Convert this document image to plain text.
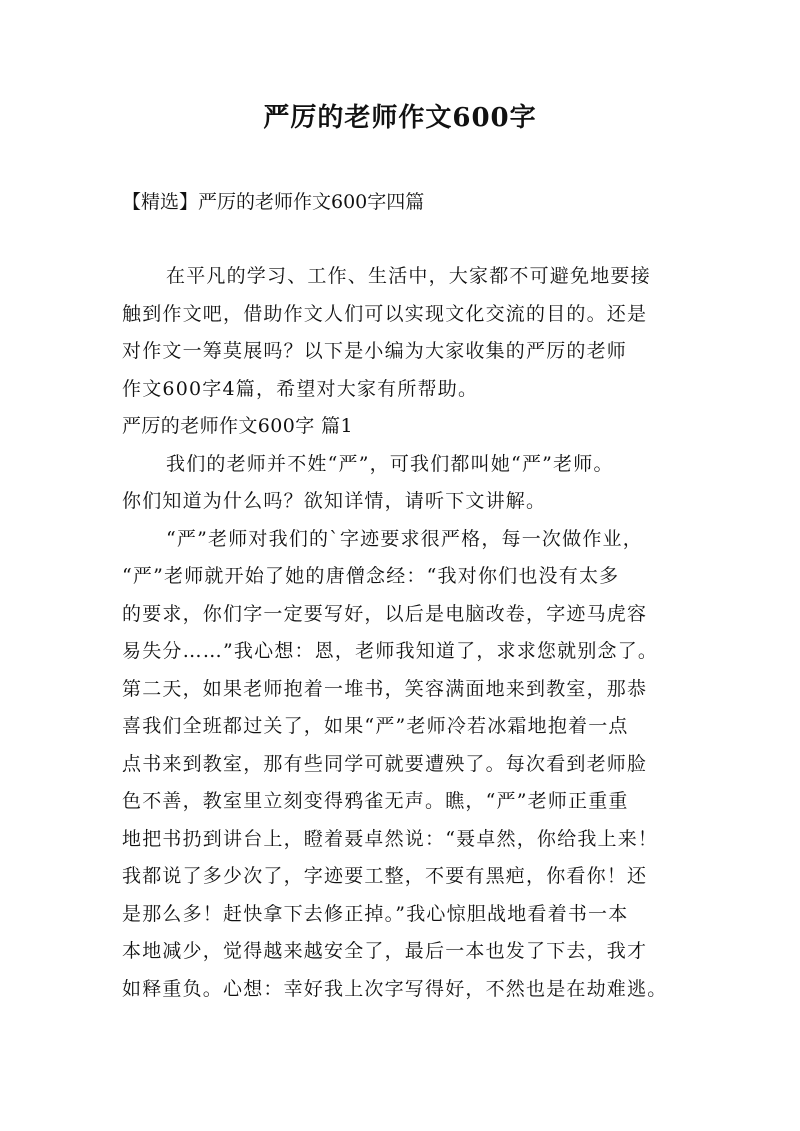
严厉的老师作文600字
【精选】严厉的老师作文600字四篇
在平凡的学习、工作、生活中，大家都不可避免地要接
触到作文吧，借助作文人们可以实现文化交流的目的。还是
对作文一筹莫展吗？以下是小编为大家收集的严厉的老师
作文600字4篇，希望对大家有所帮助。
严厉的老师作文600字 篇1
我们的老师并不姓“严”，可我们都叫她“严”老师。
你们知道为什么吗？欲知详情，请听下文讲解。
“严”老师对我们的`字迹要求很严格，每一次做作业，
“严”老师就开始了她的唐僧念经：“我对你们也没有太多
的要求，你们字一定要写好，以后是电脑改卷，字迹马虎容
易失分……”我心想：恩，老师我知道了，求求您就别念了。
第二天，如果老师抱着一堆书，笑容满面地来到教室，那恭
喜我们全班都过关了，如果“严”老师冷若冰霜地抱着一点
点书来到教室，那有些同学可就要遭殃了。每次看到老师脸
色不善，教室里立刻变得鸦雀无声。瞧，“严”老师正重重
地把书扔到讲台上，瞪着聂卓然说：“聂卓然，你给我上来！
我都说了多少次了，字迹要工整，不要有黑疤，你看你！还
是那么多！赶快拿下去修正掉。”我心惊胆战地看着书一本
本地减少，觉得越来越安全了，最后一本也发了下去，我才
如释重负。心想：幸好我上次字写得好，不然也是在劫难逃。
